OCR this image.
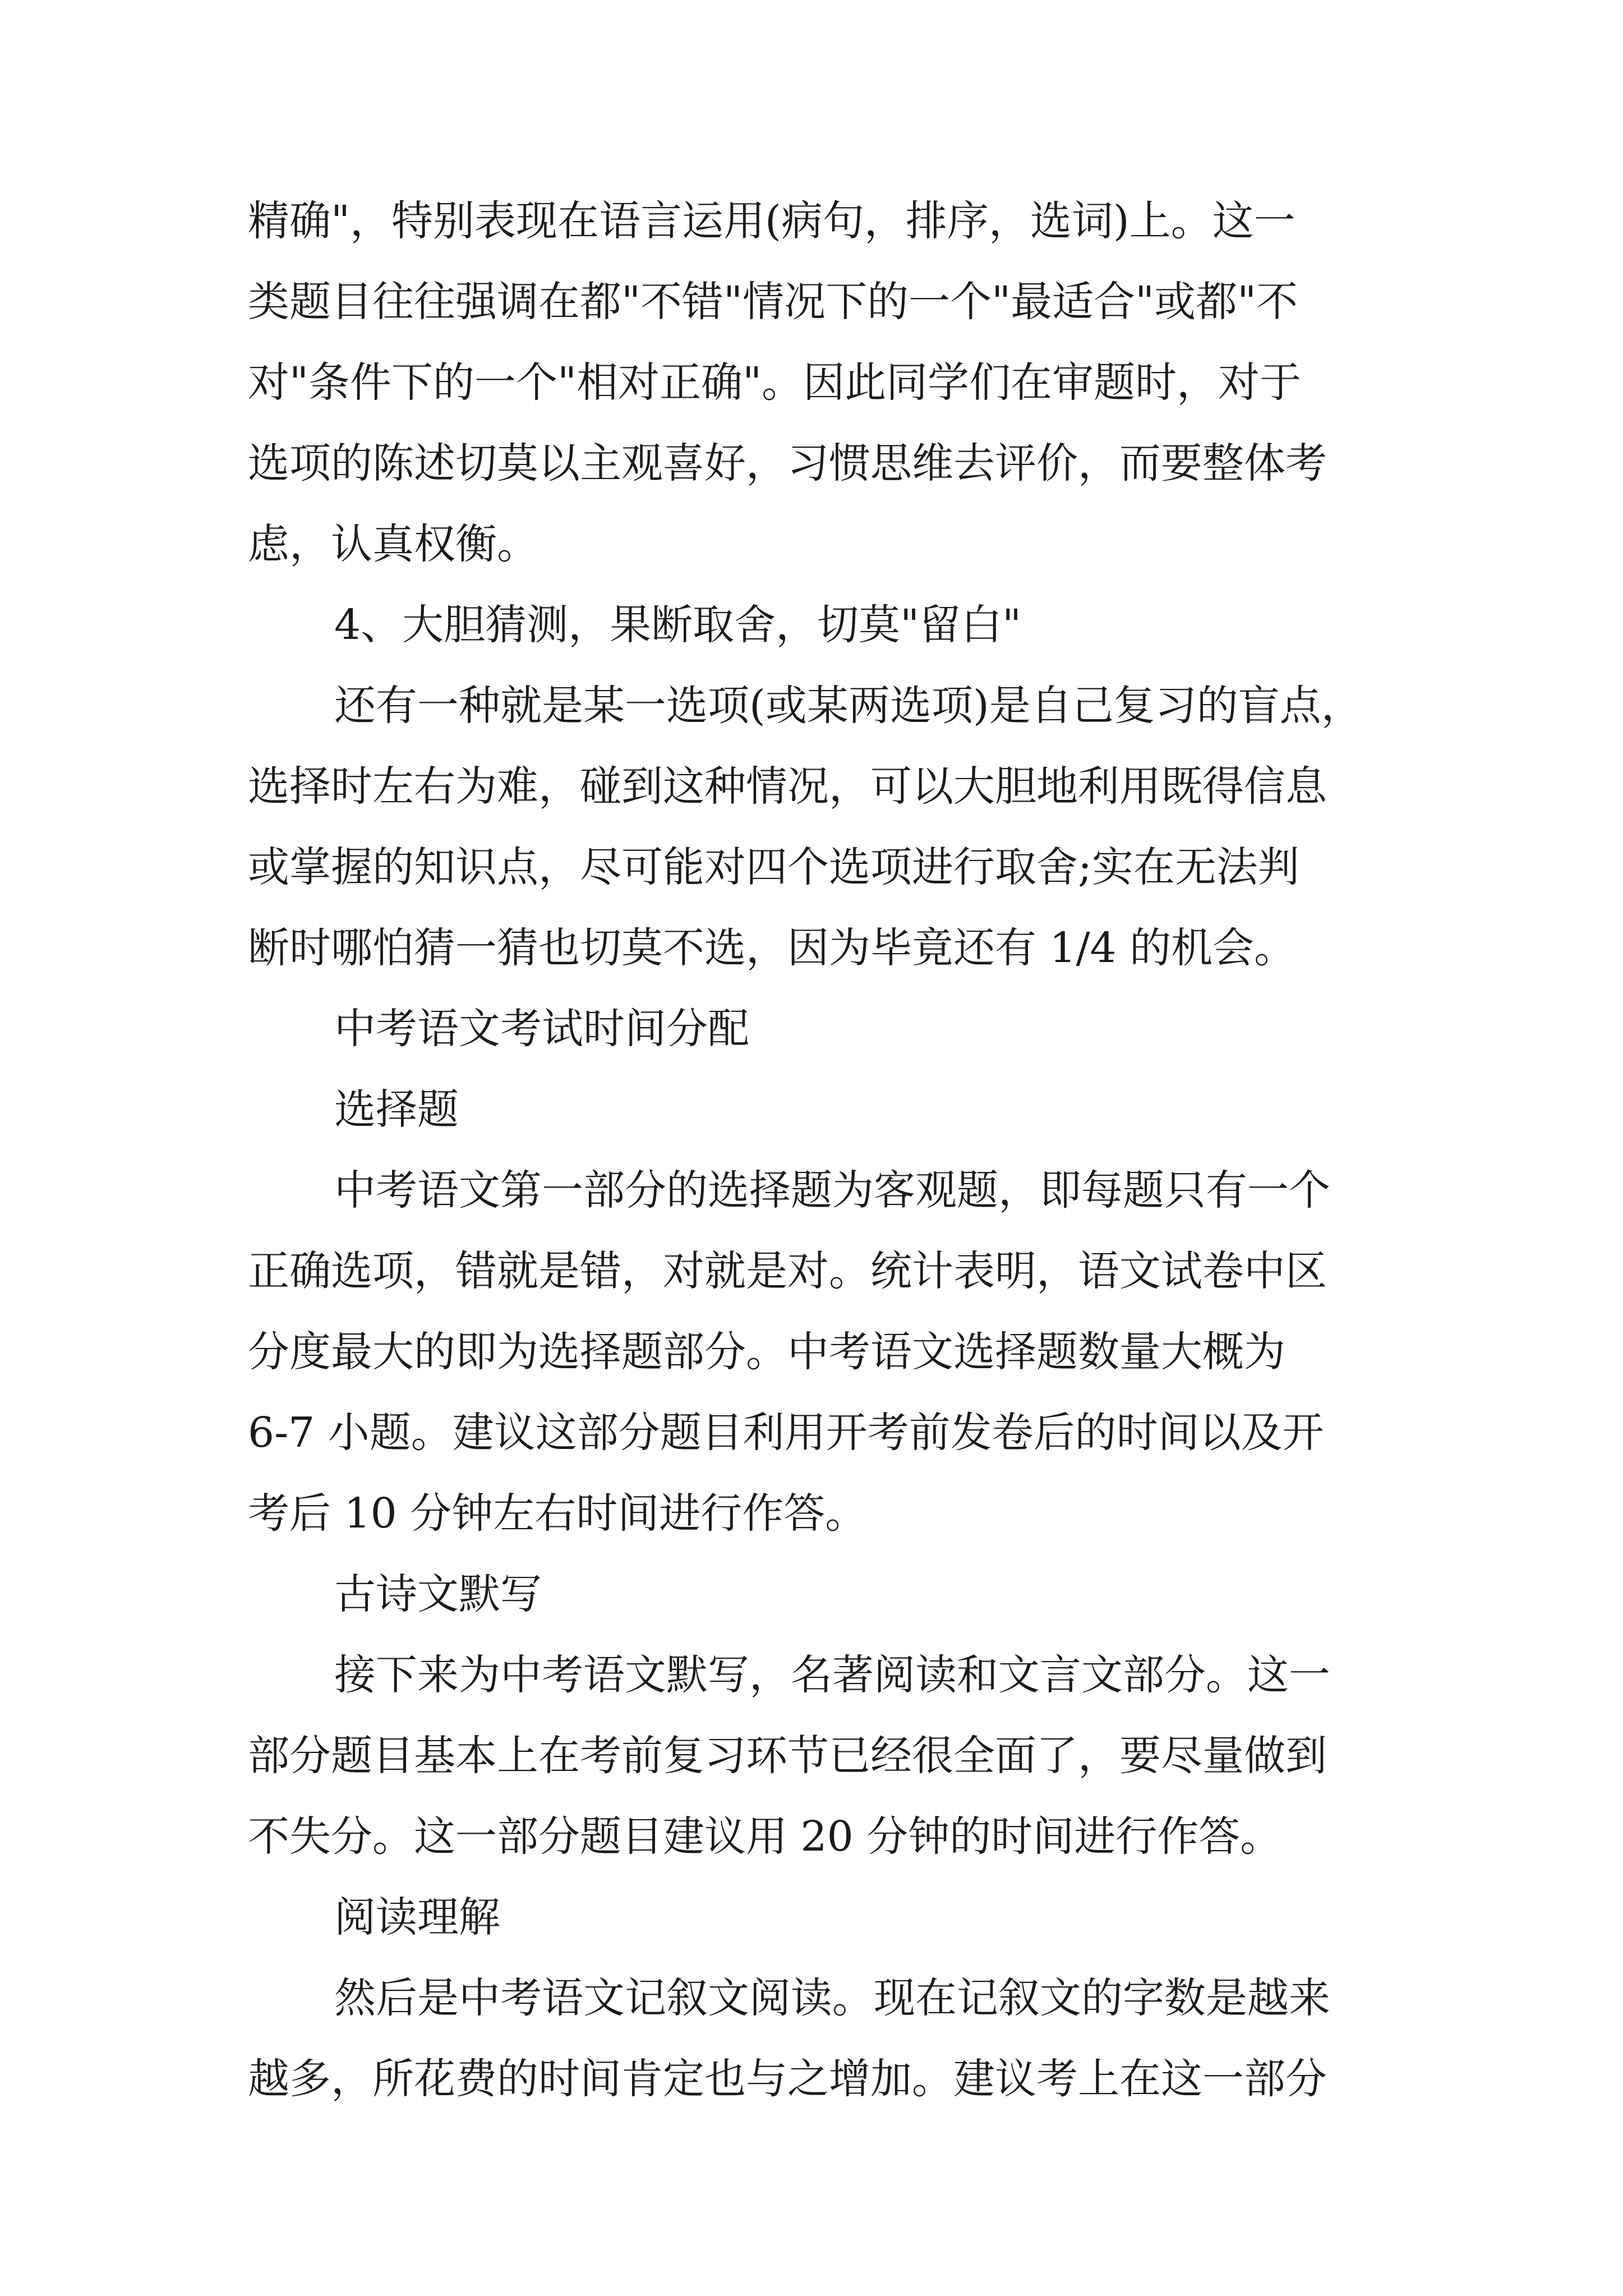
精确"，特别表现在语言运用(病句，排序，选词)上。这一
类题目往往强调在都"不错"情况下的一个"最适合"或都"不
对"条件下的一个"相对正确"。因此同学们在审题时，对于
选项的陈述切莫以主观喜好，习惯思维去评价，而要整体考
虑，认真权衡。

4、大胆猜测，果断取舍，切莫"留白"

还有一种就是某一选项(或某两选项)是自己复习的盲点，
选择时左右为难，碰到这种情况，可以大胆地利用既得信息
或掌握的知识点，尽可能对四个选项进行取舍;实在无法判
断时哪怕猜一猜也切莫不选，因为毕竟还有 1/4 的机会。

中考语文考试时间分配

选择题

中考语文第一部分的选择题为客观题，即每题只有一个
正确选项，错就是错，对就是对。统计表明，语文试卷中区
分度最大的即为选择题部分。中考语文选择题数量大概为
6-7 小题。建议这部分题目利用开考前发卷后的时间以及开
考后 10 分钟左右时间进行作答。

古诗文默写

接下来为中考语文默写，名著阅读和文言文部分。这一
部分题目基本上在考前复习环节已经很全面了，要尽量做到
不失分。这一部分题目建议用 20 分钟的时间进行作答。

阅读理解

然后是中考语文记叙文阅读。现在记叙文的字数是越来
越多，所花费的时间肯定也与之增加。建议考上在这一部分
